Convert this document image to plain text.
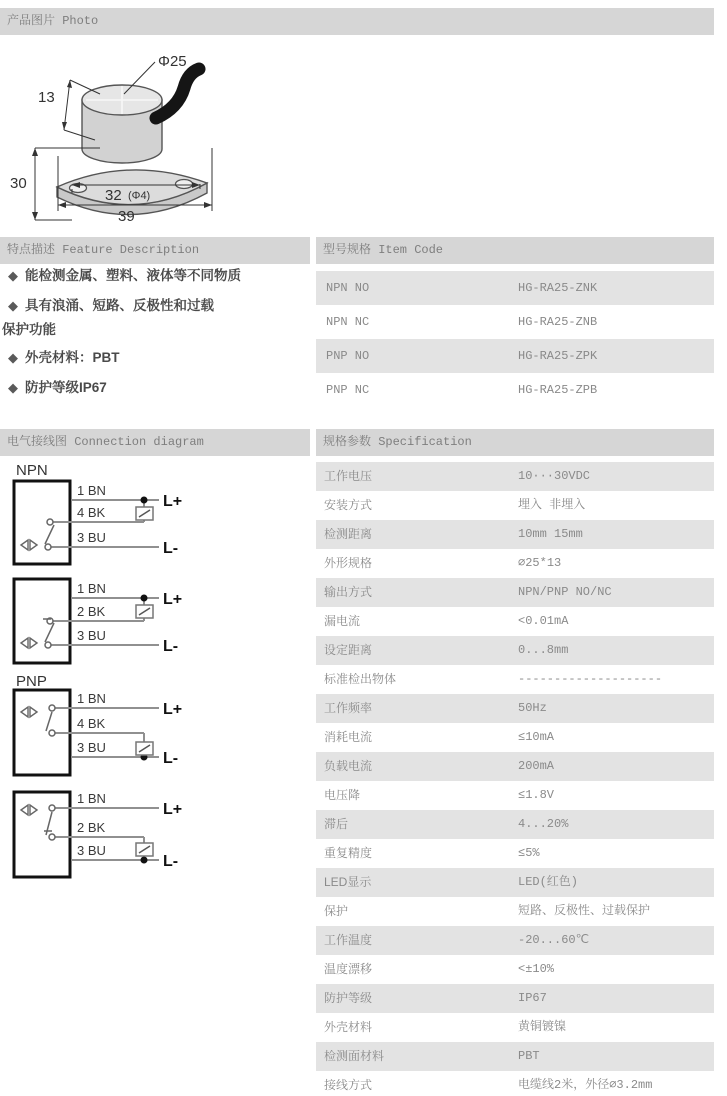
产品图片 Photo
Φ25
13
30
32 (Φ4)
39
特点描述 Feature Description	型号规格 Item Code
◆ 能检测金属、塑料、液体等不同物质
◆ 具有浪涌、短路、反极性和过载
保护功能
◆ 外壳材料：PBT
◆ 防护等级IP67
NPN NO	HG-RA25-ZNK
NPN NC	HG-RA25-ZNB
PNP NO	HG-RA25-ZPK
PNP NC	HG-RA25-ZPB
电气接线图 Connection diagram	规格参数 Specification
NPN
1 BN
4 BK
3 BU
L+
L-
1 BN
2 BK
3 BU
L+
L-
PNP
1 BN
4 BK
3 BU
L+
L-
1 BN
2 BK
3 BU
L+
L-
工作电压	10···30VDC
安装方式	埋入 非埋入
检测距离	10mm 15mm
外形规格	∅25*13
输出方式	NPN/PNP NO/NC
漏电流	<0.01mA
设定距离	0...8mm
标准检出物体	--------------------
工作频率	50Hz
消耗电流	≤10mA
负载电流	200mA
电压降	≤1.8V
滞后	4...20%
重复精度	≤5%
LED显示	LED(红色)
保护	短路、反极性、过载保护
工作温度	-20...60℃
温度漂移	<±10%
防护等级	IP67
外壳材料	黄铜镀镍
检测面材料	PBT
接线方式	电缆线2米，外径∅3.2mm
